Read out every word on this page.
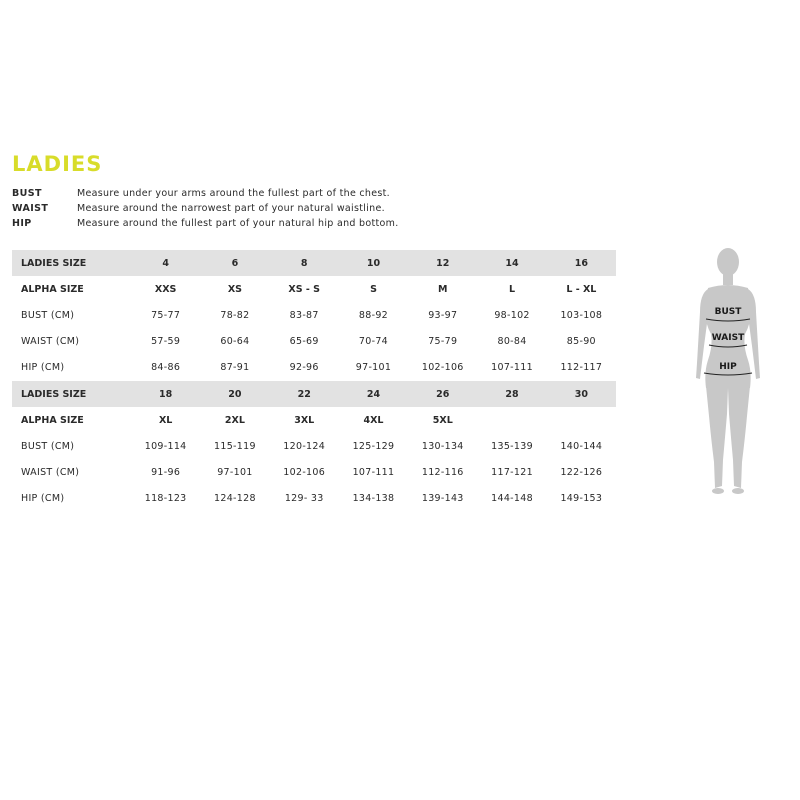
LADIES
BUST	Measure under your arms around the fullest part of the chest.
WAIST	Measure around the narrowest part of your natural waistline.
HIP	Measure around the fullest part of your natural hip and bottom.
LADIES SIZE	4	6	8	10	12	14	16
ALPHA SIZE	XXS	XS	XS - S	S	M	L	L - XL
BUST (CM)	75-77	78-82	83-87	88-92	93-97	98-102	103-108
WAIST (CM)	57-59	60-64	65-69	70-74	75-79	80-84	85-90
HIP (CM)	84-86	87-91	92-96	97-101	102-106	107-111	112-117
LADIES SIZE	18	20	22	24	26	28	30
ALPHA SIZE	XL	2XL	3XL	4XL	5XL		
BUST (CM)	109-114	115-119	120-124	125-129	130-134	135-139	140-144
WAIST (CM)	91-96	97-101	102-106	107-111	112-116	117-121	122-126
HIP (CM)	118-123	124-128	129- 33	134-138	139-143	144-148	149-153
BUST
WAIST
HIP
